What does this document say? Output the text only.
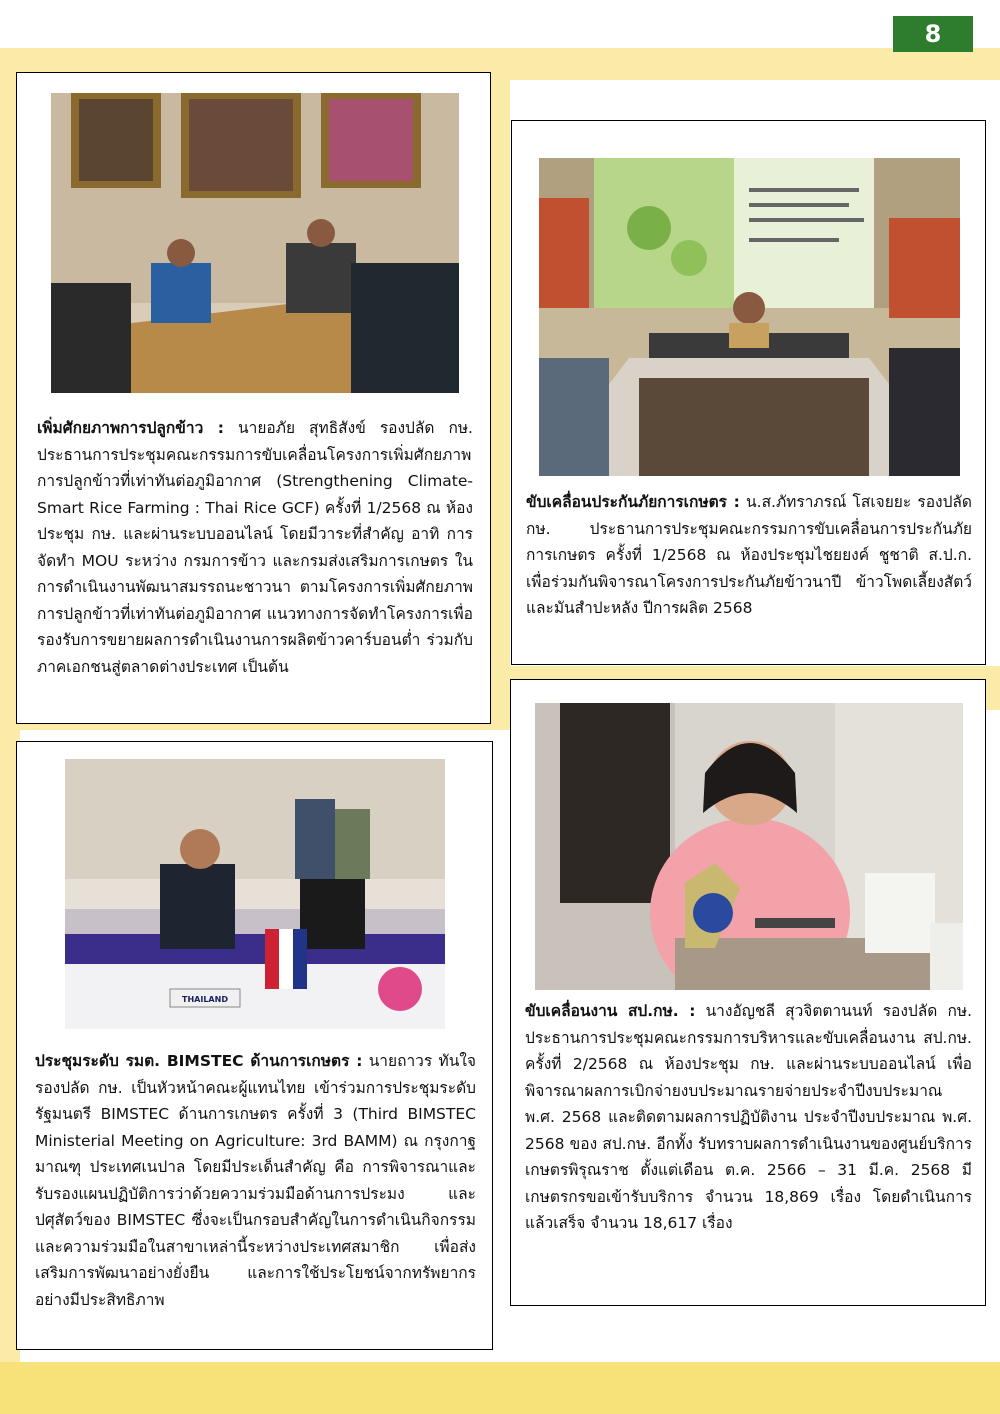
8

เพิ่มศักยภาพการปลูกข้าว : นายอภัย สุทธิสังข์ รองปลัด กษ. ประธานการประชุมคณะกรรมการขับเคลื่อนโครงการเพิ่มศักยภาพการปลูกข้าวที่เท่าทันต่อภูมิอากาศ (Strengthening Climate-Smart Rice Farming : Thai Rice GCF) ครั้งที่ 1/2568 ณ ห้องประชุม กษ. และผ่านระบบออนไลน์ โดยมีวาระที่สำคัญ อาทิ การจัดทำ MOU ระหว่าง กรมการข้าว และกรมส่งเสริมการเกษตร ในการดำเนินงานพัฒนาสมรรถนะชาวนา ตามโครงการเพิ่มศักยภาพการปลูกข้าวที่เท่าทันต่อภูมิอากาศ แนวทางการจัดทำโครงการเพื่อรองรับการขยายผลการดำเนินงานการผลิตข้าวคาร์บอนต่ำ ร่วมกับภาคเอกชนสู่ตลาดต่างประเทศ เป็นต้น

ขับเคลื่อนประกันภัยการเกษตร : น.ส.ภัทราภรณ์ โสเจยยะ รองปลัด กษ. ประธานการประชุมคณะกรรมการขับเคลื่อนการประกันภัยการเกษตร ครั้งที่ 1/2568 ณ ห้องประชุมไชยยงค์ ชูชาติ ส.ป.ก. เพื่อร่วมกันพิจารณาโครงการประกันภัยข้าวนาปี ข้าวโพดเลี้ยงสัตว์ และมันสำปะหลัง ปีการผลิต 2568

THAILAND

ประชุมระดับ รมต. BIMSTEC ด้านการเกษตร : นายถาวร ทันใจ รองปลัด กษ. เป็นหัวหน้าคณะผู้แทนไทย เข้าร่วมการประชุมระดับรัฐมนตรี BIMSTEC ด้านการเกษตร ครั้งที่ 3 (Third BIMSTEC Ministerial Meeting on Agriculture: 3rd BAMM) ณ กรุงกาฐมาณฑุ ประเทศเนปาล โดยมีประเด็นสำคัญ คือ การพิจารณาและรับรองแผนปฏิบัติการว่าด้วยความร่วมมือด้านการประมง และปศุสัตว์ของ BIMSTEC ซึ่งจะเป็นกรอบสำคัญในการดำเนินกิจกรรมและความร่วมมือในสาขาเหล่านี้ระหว่างประเทศสมาชิก เพื่อส่งเสริมการพัฒนาอย่างยั่งยืน และการใช้ประโยชน์จากทรัพยากรอย่างมีประสิทธิภาพ

ขับเคลื่อนงาน สป.กษ. : นางอัญชลี สุวจิตตานนท์ รองปลัด กษ. ประธานการประชุมคณะกรรมการบริหารและขับเคลื่อนงาน สป.กษ. ครั้งที่ 2/2568 ณ ห้องประชุม กษ. และผ่านระบบออนไลน์ เพื่อพิจารณาผลการเบิกจ่ายงบประมาณรายจ่ายประจำปีงบประมาณ พ.ศ. 2568 และติดตามผลการปฏิบัติงาน ประจำปีงบประมาณ พ.ศ. 2568 ของ สป.กษ. อีกทั้ง รับทราบผลการดำเนินงานของศูนย์บริการเกษตรพิรุณราช ตั้งแต่เดือน ต.ค. 2566 – 31 มี.ค. 2568 มีเกษตรกรขอเข้ารับบริการ จำนวน 18,869 เรื่อง โดยดำเนินการแล้วเสร็จ จำนวน 18,617 เรื่อง
